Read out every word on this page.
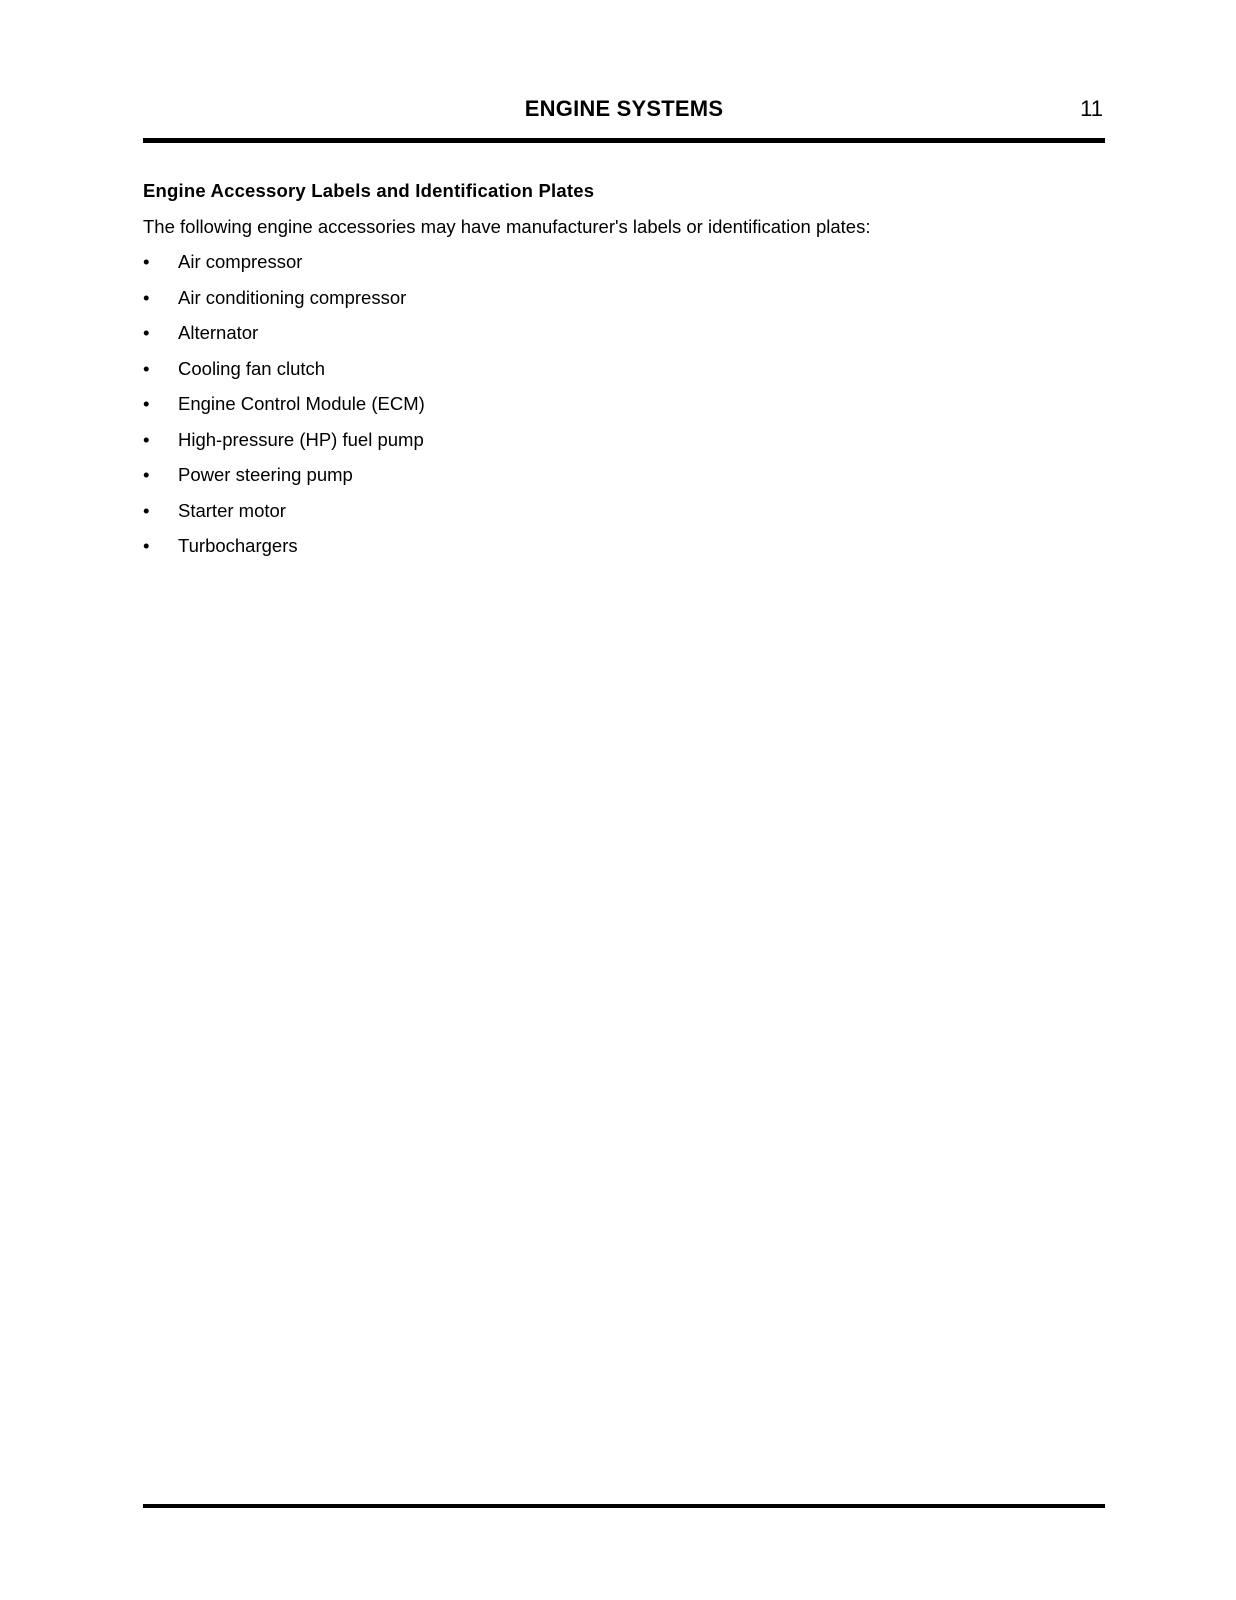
ENGINE SYSTEMS	11
Engine Accessory Labels and Identification Plates

The following engine accessories may have manufacturer's labels or identification plates:

• Air compressor
• Air conditioning compressor
• Alternator
• Cooling fan clutch
• Engine Control Module (ECM)
• High-pressure (HP) fuel pump
• Power steering pump
• Starter motor
• Turbochargers
